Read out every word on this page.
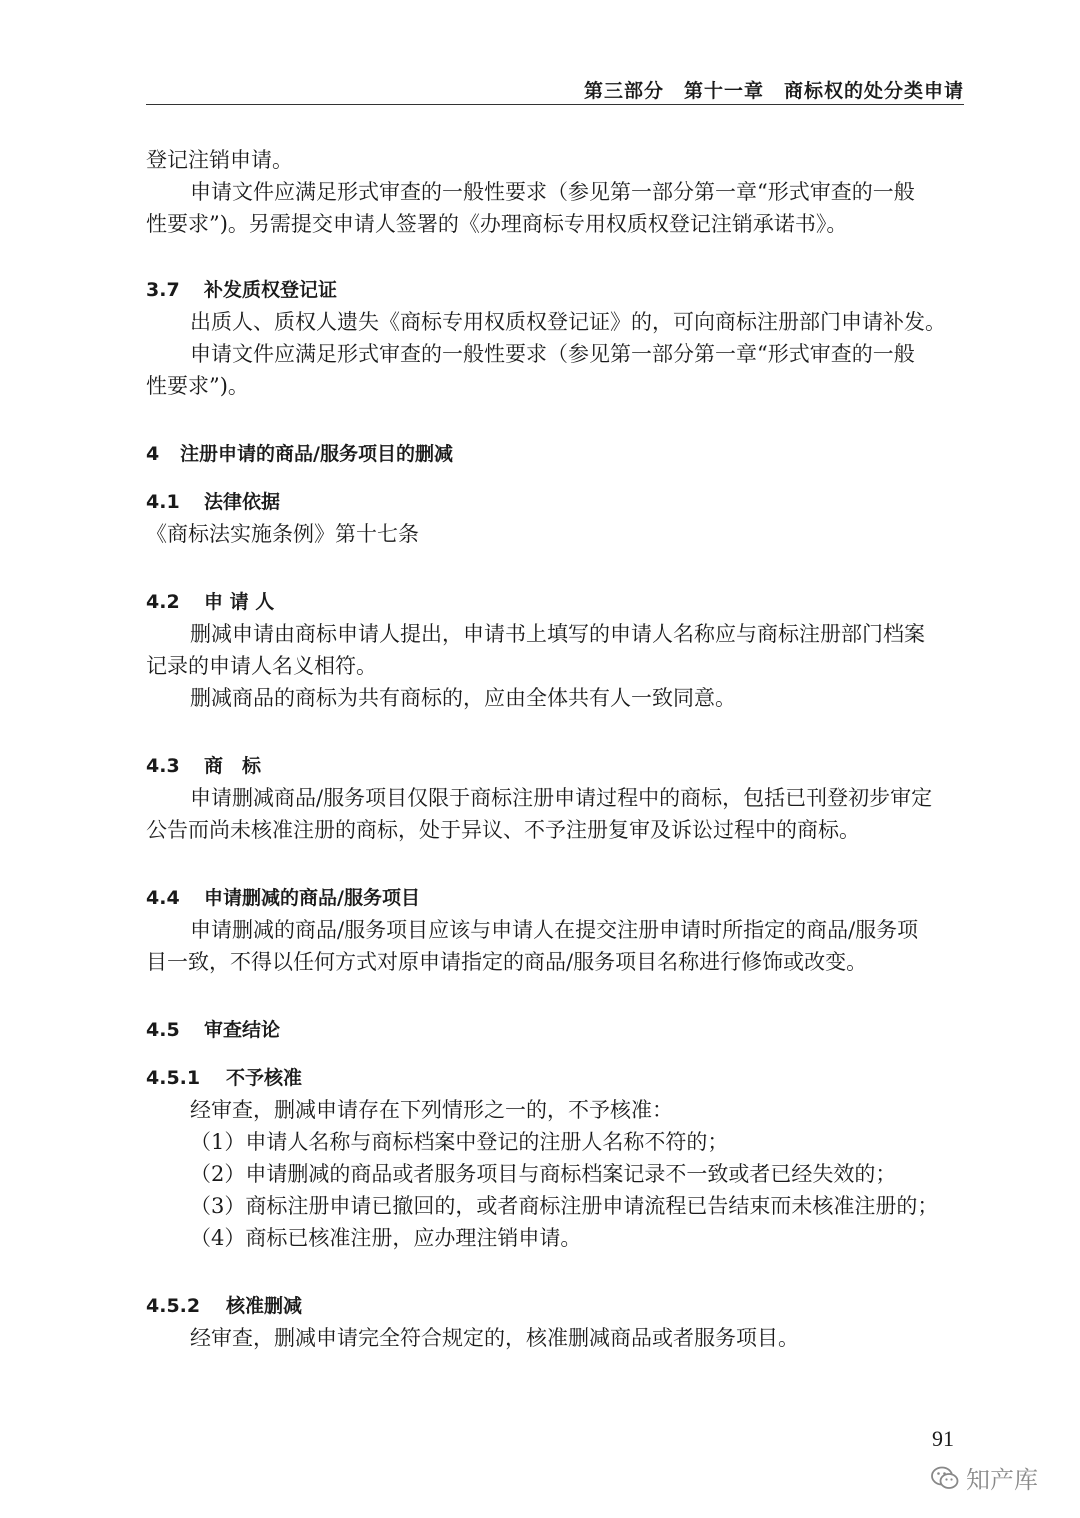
第三部分　第十一章　商标权的处分类申请
登记注销申请。
申请文件应满足形式审查的一般性要求（参见第一部分第一章“形式审查的一般
性要求”)。另需提交申请人签署的《办理商标专用权质权登记注销承诺书》。
3.7 补发质权登记证
出质人、质权人遗失《商标专用权质权登记证》的，可向商标注册部门申请补发。
申请文件应满足形式审查的一般性要求（参见第一部分第一章“形式审查的一般
性要求”)。
4 注册申请的商品/服务项目的删减
4.1 法律依据
《商标法实施条例》第十七条
4.2 申 请 人
删减申请由商标申请人提出，申请书上填写的申请人名称应与商标注册部门档案
记录的申请人名义相符。
删减商品的商标为共有商标的，应由全体共有人一致同意。
4.3 商　标
申请删减商品/服务项目仅限于商标注册申请过程中的商标，包括已刊登初步审定
公告而尚未核准注册的商标，处于异议、不予注册复审及诉讼过程中的商标。
4.4 申请删减的商品/服务项目
申请删减的商品/服务项目应该与申请人在提交注册申请时所指定的商品/服务项
目一致，不得以任何方式对原申请指定的商品/服务项目名称进行修饰或改变。
4.5 审查结论
4.5.1 不予核准
经审查，删减申请存在下列情形之一的，不予核准：
（1）申请人名称与商标档案中登记的注册人名称不符的；
（2）申请删减的商品或者服务项目与商标档案记录不一致或者已经失效的；
（3）商标注册申请已撤回的，或者商标注册申请流程已告结束而未核准注册的；
（4）商标已核准注册，应办理注销申请。
4.5.2 核准删减
经审查，删减申请完全符合规定的，核准删减商品或者服务项目。
91
知产库
